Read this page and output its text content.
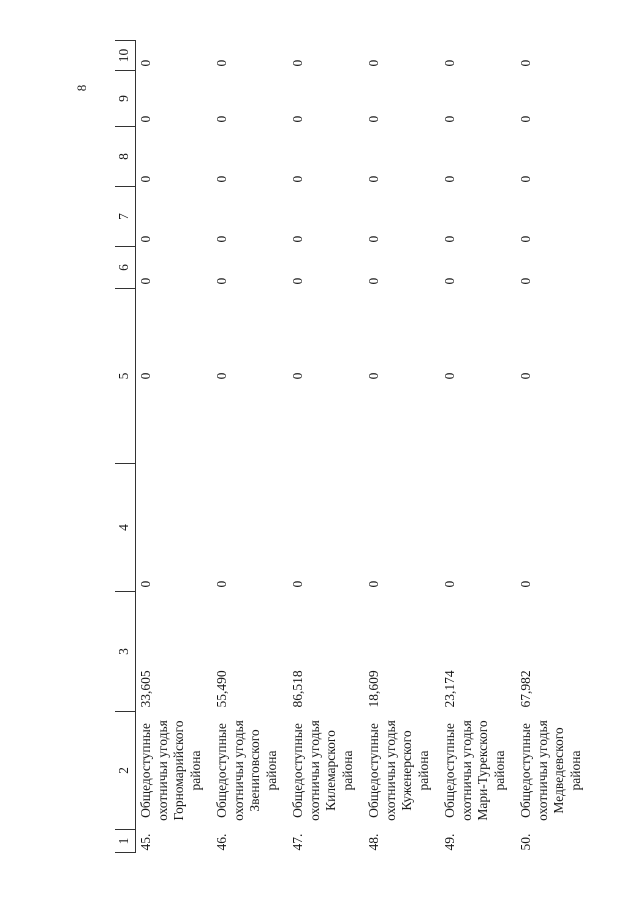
8
1	2	3	4	5	6	7	8	9	10
45.	Общедоступные охотничьи угодья Горномарийского района	33,605	0	0	0	0	0	0	0
46.	Общедоступные охотничьи угодья Звениговского района	55,490	0	0	0	0	0	0	0
47.	Общедоступные охотничьи угодья Килемарского района	86,518	0	0	0	0	0	0	0
48.	Общедоступные охотничьи угодья Куженерского района	18,609	0	0	0	0	0	0	0
49.	Общедоступные охотничьи угодья Мари-Турекского района	23,174	0	0	0	0	0	0	0
50.	Общедоступные охотничьи угодья Медведевского района	67,982	0	0	0	0	0	0	0
